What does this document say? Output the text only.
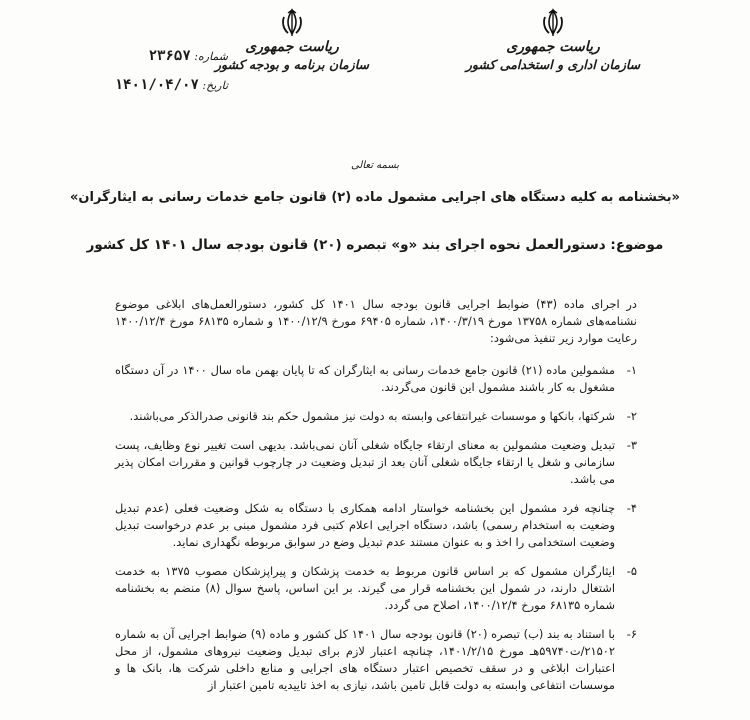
ریاست جمهوری
سازمان اداری و استخدامی کشور
ریاست جمهوری
سازمان برنامه و بودجه کشور
شماره: ۲۳۶۵۷
تاریخ: ۱۴۰۱/۰۴/۰۷
بسمه تعالی
«بخشنامه به کلیه دستگاه های اجرایی مشمول ماده (۲) قانون جامع خدمات رسانی به ایثارگران»
موضوع: دستورالعمل نحوه اجرای بند «و» تبصره (۲۰) قانون بودجه سال ۱۴۰۱ کل کشور

در اجرای ماده (۴۳) ضوابط اجرایی قانون بودجه سال ۱۴۰۱ کل کشور، دستورالعمل‌های ابلاغی موضوع نشنامه‌های شماره ۱۳۷۵۸ مورخ ۱۴۰۰/۳/۱۹، شماره ۶۹۴۰۵ مورخ ۱۴۰۰/۱۲/۹ و شماره ۶۸۱۳۵ مورخ ۱۴۰۰/۱۲/۴ رعایت موارد زیر تنفیذ می‌شود:

۱-
مشمولین ماده (۲۱) قانون جامع خدمات رسانی به ایثارگران که تا پایان بهمن ماه سال ۱۴۰۰ در آن دستگاه مشغول به کار باشند مشمول این قانون می‌گردند.
۲-
شرکتها، بانکها و موسسات غیرانتفاعی وابسته به دولت نیز مشمول حکم بند قانونی صدرالذکر می‌باشند.
۳-
تبدیل وضعیت مشمولین به معنای ارتقاء جایگاه شغلی آنان نمی‌باشد. بدیهی است تغییر نوع وظایف، پست سازمانی و شغل یا ارتقاء جایگاه شغلی آنان بعد از تبدیل وضعیت در چارچوب قوانین و مقررات امکان پذیر می باشد.
۴-
چنانچه فرد مشمول این بخشنامه خواستار ادامه همکاری با دستگاه به شکل وضعیت فعلی (عدم تبدیل وضعیت به استخدام رسمی) باشد، دستگاه اجرایی اعلام کتبی فرد مشمول مبنی بر عدم درخواست تبدیل وضعیت استخدامی را اخذ و به عنوان مستند عدم تبدیل وضع در سوابق مربوطه نگهداری نماید.
۵-
ایثارگران مشمول که بر اساس قانون مربوط به خدمت پزشکان و پیراپزشکان مصوب ۱۳۷۵ به خدمت اشتغال دارند، در شمول این بخشنامه قرار می گیرند. بر این اساس، پاسخ سوال (۸) منضم به بخشنامه شماره ۶۸۱۳۵ مورخ ۱۴۰۰/۱۲/۴، اصلاح می گردد.
۶-
با استناد به بند (ب) تبصره (۲۰) قانون بودجه سال ۱۴۰۱ کل کشور و ماده (۹) ضوابط اجرایی آن به شماره ۲۱۵۰۲/ت۵۹۷۴۰هـ مورخ ۱۴۰۱/۲/۱۵، چنانچه اعتبار لازم برای تبدیل وضعیت نیروهای مشمول، از محل اعتبارات ابلاغی و در سقف تخصیص اعتبار دستگاه های اجرایی و منابع داخلی شرکت ها، بانک ها و موسسات انتفاعی وابسته به دولت قابل تامین باشد، نیازی به اخذ تاییدیه تامین اعتبار از
